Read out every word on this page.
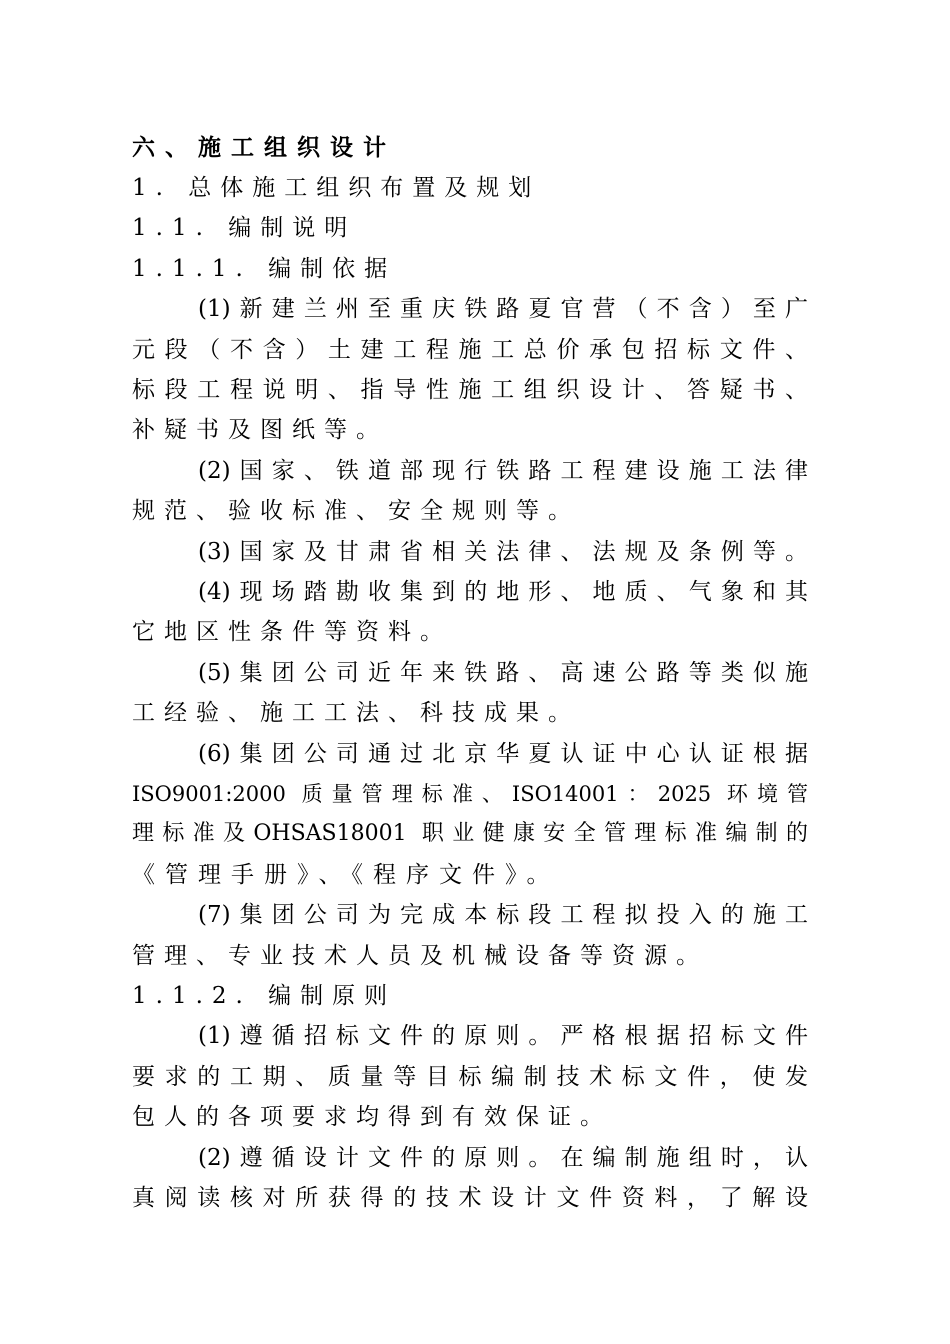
六、施工组织设计
1. 总体施工组织布置及规划
1.1. 编制说明
1.1.1. 编制依据
(1)新建兰州至重庆铁路夏官营（不含）至广
元段（不含）土建工程施工总价承包招标文件、
标段工程说明、指导性施工组织设计、答疑书、
补疑书及图纸等。
(2)国家、铁道部现行铁路工程建设施工法律
规范、验收标准、安全规则等。
(3)国家及甘肃省相关法律、法规及条例等。
(4)现场踏勘收集到的地形、地质、气象和其
它地区性条件等资料。
(5)集团公司近年来铁路、高速公路等类似施
工经验、施工工法、科技成果。
(6)集团公司通过北京华夏认证中心认证根据
ISO9001:2000 质量管理标准、ISO14001：2025 环境管
理标准及OHSAS18001 职业健康安全管理标准编制的
《管理手册》、《程序文件》。
(7)集团公司为完成本标段工程拟投入的施工
管理、专业技术人员及机械设备等资源。
1.1.2. 编制原则
(1)遵循招标文件的原则。严格根据招标文件
要求的工期、质量等目标编制技术标文件，使发
包人的各项要求均得到有效保证。
(2)遵循设计文件的原则。在编制施组时，认
真阅读核对所获得的技术设计文件资料，了解设
